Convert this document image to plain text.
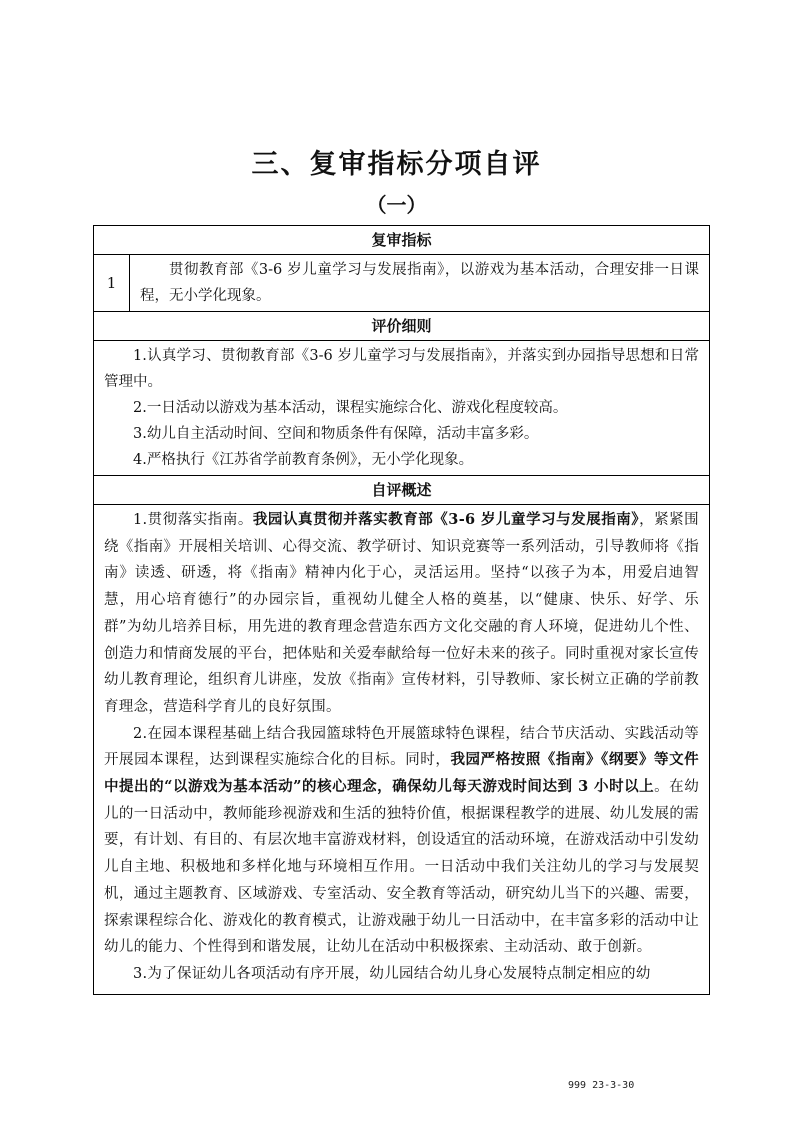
三、复审指标分项自评
（一）
复审指标
1
贯彻教育部《3-6 岁儿童学习与发展指南》，以游戏为基本活动，合理安排一日课程，无小学化现象。
评价细则

1.认真学习、贯彻教育部《3-6 岁儿童学习与发展指南》，并落实到办园指导思想和日常管理中。

2.一日活动以游戏为基本活动，课程实施综合化、游戏化程度较高。

3.幼儿自主活动时间、空间和物质条件有保障，活动丰富多彩。

4.严格执行《江苏省学前教育条例》，无小学化现象。

自评概述

1.贯彻落实指南。我园认真贯彻并落实教育部《3-6 岁儿童学习与发展指南》，紧紧围绕《指南》开展相关培训、心得交流、教学研讨、知识竞赛等一系列活动，引导教师将《指南》读透、研透，将《指南》精神内化于心，灵活运用。坚持“以孩子为本，用爱启迪智慧，用心培育德行”的办园宗旨，重视幼儿健全人格的奠基，以“健康、快乐、好学、乐群”为幼儿培养目标，用先进的教育理念营造东西方文化交融的育人环境，促进幼儿个性、创造力和情商发展的平台，把体贴和关爱奉献给每一位好未来的孩子。同时重视对家长宣传幼儿教育理论，组织育儿讲座，发放《指南》宣传材料，引导教师、家长树立正确的学前教育理念，营造科学育儿的良好氛围。

2.在园本课程基础上结合我园篮球特色开展篮球特色课程，结合节庆活动、实践活动等开展园本课程，达到课程实施综合化的目标。同时，我园严格按照《指南》《纲要》等文件中提出的“以游戏为基本活动”的核心理念，确保幼儿每天游戏时间达到 3 小时以上。在幼儿的一日活动中，教师能珍视游戏和生活的独特价值，根据课程教学的进展、幼儿发展的需要，有计划、有目的、有层次地丰富游戏材料，创设适宜的活动环境，在游戏活动中引发幼儿自主地、积极地和多样化地与环境相互作用。一日活动中我们关注幼儿的学习与发展契机，通过主题教育、区域游戏、专室活动、安全教育等活动，研究幼儿当下的兴趣、需要，探索课程综合化、游戏化的教育模式，让游戏融于幼儿一日活动中，在丰富多彩的活动中让幼儿的能力、个性得到和谐发展，让幼儿在活动中积极探索、主动活动、敢于创新。

3.为了保证幼儿各项活动有序开展，幼儿园结合幼儿身心发展特点制定相应的幼

999 23-3-30
